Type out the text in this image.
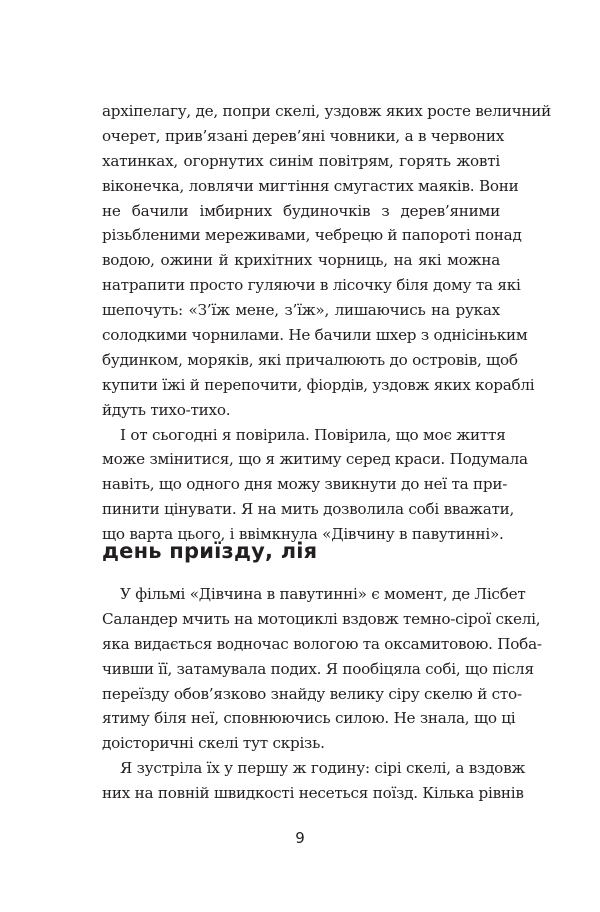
архіпелагу, де, попри скелі, уздовж яких росте величний
очерет, прив’язані дерев’яні човники, а в червоних
хатинках, огорнутих синім повітрям, горять жовті
віконечка, ловлячи мигтіння смугастих маяків. Вони
не бачили імбирних будиночків з дерев’яними
різьбленими мереживами, чебрецю й папороті понад
водою, ожини й крихітних чорниць, на які можна
натрапити просто гуляючи в лісочку біля дому та які
шепочуть: «З’їж мене, з’їж», лишаючись на руках
солодкими чорнилами. Не бачили шхер з однісіньким
будинком, моряків, які причалюють до островів, щоб
купити їжі й перепочити, фіордів, уздовж яких кораблі
йдуть тихо-тихо.

І от сьогодні я повірила. Повірила, що моє життя
може змінитися, що я житиму серед краси. Подумала
навіть, що одного дня можу звикнути до неї та при-
пинити цінувати. Я на мить дозволила собі вважати,
що варта цього, і ввімкнула «Дівчину в павутинні».

день приїзду, лія

У фільмі «Дівчина в павутинні» є момент, де Лісбет
Саландер мчить на мотоциклі вздовж темно-сірої скелі,
яка видається водночас вологою та оксамитовою. Поба-
чивши її, затамувала подих. Я пообіцяла собі, що після
переїзду обов’язково знайду велику сіру скелю й сто-
ятиму біля неї, сповнюючись силою. Не знала, що ці
доісторичні скелі тут скрізь.

Я зустріла їх у першу ж годину: сірі скелі, а вздовж
них на повній швидкості несеться поїзд. Кілька рівнів

9
